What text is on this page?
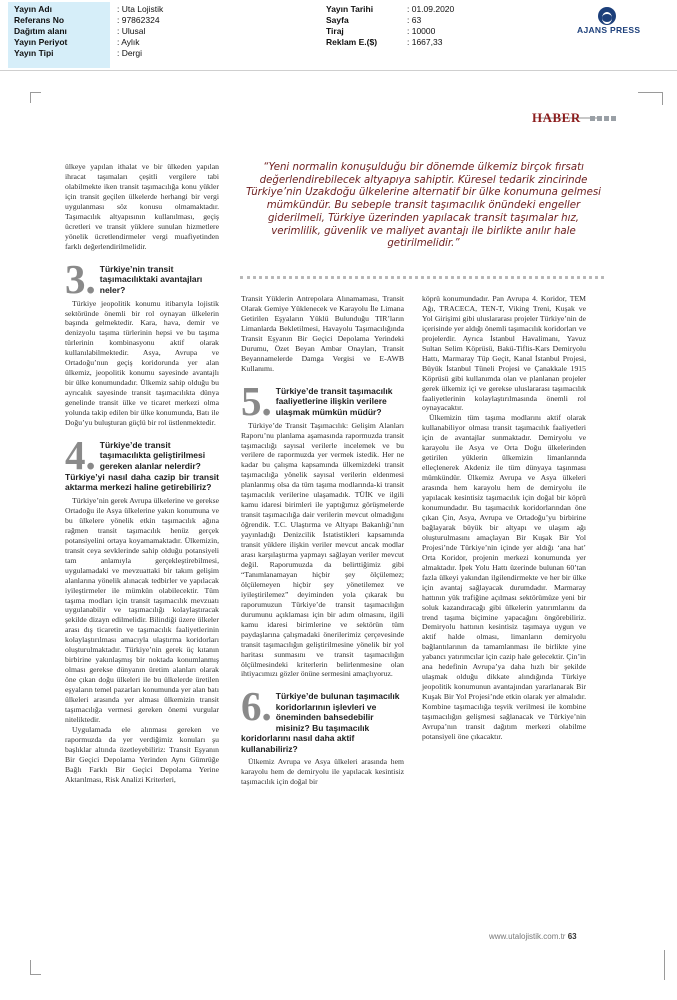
Yayın Adı	: Uta Lojistik
Referans No	: 97862324
Dağıtım alanı	: Ulusal
Yayın Periyot	: Aylık
Yayın Tipi	: Dergi
Yayın Tarihi	: 01.09.2020
Sayfa	: 63
Tiraj	: 10000
Reklam E.($)	: 1667,33
AJANS PRESS
HABER
“Yeni normalin konuşulduğu bir dönemde ülkemiz birçok fırsatı değerlendirebilecek altyapıya sahiptir. Küresel tedarik zincirinde Türkiye’nin Uzakdoğu ülkelerine alternatif bir ülke konumuna gelmesi mümkündür. Bu sebeple transit taşımacılık önündeki engeller giderilmeli, Türkiye üzerinden yapılacak transit taşımalar hız, verimlilik, güvenlik ve maliyet avantajı ile birlikte anılır hale getirilmelidir.”

ülkeye yapılan ithalat ve bir ülkeden yapılan ihracat taşımaları çeşitli vergilere tabi olabilmekte iken transit taşımacılığa konu yükler için transit geçilen ülkelerde herhangi bir vergi uygulanması söz konusu olmamaktadır. Taşımacılık altyapısının kullanılması, geçiş ücretleri ve transit yüklere sunulan hizmetlere yönelik ücretlendirmeler vergi muafiyetinden farklı değerlendirilmelidir.

3. Türkiye’nin transit taşımacılıktaki avantajları neler?

Türkiye jeopolitik konumu itibarıyla lojistik sektöründe önemli bir rol oynayan ülkelerin başında gelmektedir. Kara, hava, demir ve denizyolu taşıma türlerinin hepsi ve bu taşıma türlerinin kombinasyonu aktif olarak kullanılabilmektedir. Asya, Avrupa ve Ortadoğu’nun geçiş koridorunda yer alan ülkemiz, jeopolitik konumu sayesinde avantajlı bir ülke konumundadır. Ülkemiz sahip olduğu bu ayrıcalık sayesinde transit taşımacılıkta dünya genelinde transit ülke ve ticaret merkezi olma yolunda takip edilen bir ülke konumunda, Batı ile Doğu’yu buluşturan güçlü bir rol üstlenmektedir.

4. Türkiye’de transit taşımacılıkta geliştirilmesi gereken alanlar nelerdir?
Türkiye’yi nasıl daha cazip bir transit aktarma merkezi haline getirebiliriz?

Türkiye’nin gerek Avrupa ülkelerine ve gerekse Ortadoğu ile Asya ülkelerine yakın konumuna ve bu ülkelere yönelik etkin taşımacılık ağına rağmen transit taşımacılık henüz gerçek potansiyelini ortaya koyamamaktadır. Ülkemizin, transit ceya sevklerinde sahip olduğu potansiyeli tam anlamıyla gerçekleştirebilmesi, uygulamadaki ve mevzuattaki bir takım gelişim alanlarına yönelik alınacak tedbirler ve yapılacak iyileştirmeler ile mümkün olabilecektir. Tüm taşıma modları için transit taşımacılık mevzuatı uygulanabilir ve taşımacılığı kolaylaştıracak şekilde dizayn edilmelidir. Bilindiği üzere ülkeler arası dış ticaretin ve taşımacılık faaliyetlerinin kolaylaştırılması amacıyla ulaştırma koridorları oluşturulmaktadır. Türkiye’nin gerek üç kıtanın birbirine yakınlaşmış bir noktada konumlanmış olması gerekse dünyanın üretim alanları olarak öne çıkan doğu ülkeleri ile bu ülkelerde üretilen eşyaların temel pazarları konumunda yer alan batı ülkeleri arasında yer alması ülkemizin transit taşımacılığa vermesi gereken önemi vurgular niteliktedir.

Uygulamada ele alınması gereken ve rapormuzda da yer verdiğimiz konuları şu başlıklar altında özetleyebiliriz: Transit Eşyanın Bir Geçici Depolama Yerinden Aynı Gümrüğe Bağlı Farklı Bir Geçici Depolama Yerine Aktarılması, Risk Analizi Kriterleri,

Transit Yüklerin Antrepolara Alınamaması, Transit Olarak Gemiye Yüklenecek ve Karayolu İle Limana Getirilen Eşyaların Yüklü Bulunduğu TIR’ların Limanlarda Bekletilmesi, Havayolu Taşımacılığında Transit Eşyanın Bir Geçici Depolama Yerindeki Durumu, Özet Beyan Ambar Onayları, Transit Beyannamelerde Damga Vergisi ve E-AWB Kullanımı.

5. Türkiye’de transit taşımacılık faaliyetlerine ilişkin verilere ulaşmak mümkün müdür?

Türkiye’de Transit Taşımacılık: Gelişim Alanları Raporu’nu planlama aşamasında rapormuzda transit taşımacılığı sayısal verilerle incelemek ve bu verilere de rapormuzda yer vermek istedik. Her ne kadar bu çalışma kapsamında ülkemizdeki transit taşımacılığa yönelik sayısal verilerin eldenmesi planlanmış olsa da tüm taşıma modlarında-ki transit taşımacılık verilerine ulaşamadık. TÜİK ve ilgili kamu idaresi birimleri ile yaptığımız görüşmelerde transit taşımacılığa dair verilerin mevcut olmadığını öğrendik. T.C. Ulaştırma ve Altyapı Bakanlığı’nın yayınladığı Denizcilik İstatistikleri kapsamında transit yüklere ilişkin veriler mevcut ancak modlar arası karşılaştırma yapmayı sağlayan veriler mevcut değil. Raporumuzda da belirttiğimiz gibi “Tanımlanamayan hiçbir şey ölçülemez; ölçülemeyen hiçbir şey yönetilemez ve iyileştirilemez” deyiminden yola çıkarak bu raporumuzun Türkiye’de transit taşımacılığın durumunu açıklaması için bir adım olmasını, ilgili kamu idaresi birimlerine ve sektörün tüm paydaşlarına çalışmadaki önerilerimiz çerçevesinde transit taşımacılığın geliştirilmesine yönelik bir yol haritası sunmasını ve transit taşımacılığın ölçülmesindeki kriterlerin belirlenmesine olan ihtiyacımızı gözler önüne sermesini amaçlıyoruz.

6. Türkiye’de bulunan taşımacılık koridorlarının işlevleri ve öneminden bahsedebilir misiniz? Bu taşımacılık koridorlarını nasıl daha aktif kullanabiliriz?

Ülkemiz Avrupa ve Asya ülkeleri arasında hem karayolu hem de demiryolu ile yapılacak kesintisiz taşımacılık için doğal bir

köprü konumundadır. Pan Avrupa 4. Koridor, TEM Ağı, TRACECA, TEN-T, Viking Treni, Kuşak ve Yol Girişimi gibi uluslararası projeler Türkiye’nin de içerisinde yer aldığı önemli taşımacılık koridorları ve projelerdir. Ayrıca İstanbul Havalimanı, Yavuz Sultan Selim Köprüsü, Bakü-Tiflis-Kars Demiryolu Hattı, Marmaray Tüp Geçit, Kanal İstanbul Projesi, Büyük İstanbul Tüneli Projesi ve Çanakkale 1915 Köprüsü gibi kullanımda olan ve planlanan projeler gerek ülkemiz içi ve gerekse uluslararası taşımacılık faaliyetlerinin kolaylaştırılmasında önemli rol oynayacaktır.

Ülkemizin tüm taşıma modlarını aktif olarak kullanabiliyor olması transit taşımacılık faaliyetleri için de avantajlar sunmaktadır. Demiryolu ve karayolu ile Asya ve Orta Doğu ülkelerinden getirilen yüklerin ülkemizin limanlarında elleçlenerek Akdeniz ile tüm dünyaya taşınması mümkündür. Ülkemiz Avrupa ve Asya ülkeleri arasında hem karayolu hem de demiryolu ile yapılacak kesintisiz taşımacılık için doğal bir köprü konumundadır. Bu taşımacılık koridorlarından öne çıkan Çin, Asya, Avrupa ve Ortadoğu’yu birbirine bağlayarak büyük bir altyapı ve ulaşım ağı oluşturulmasını amaçlayan Bir Kuşak Bir Yol Projesi’nde Türkiye’nin içinde yer aldığı ‘ana hat’ Orta Koridor, projenin merkezi konumunda yer almaktadır. İpek Yolu Hattı üzerinde bulunan 60’tan fazla ülkeyi yakından ilgilendirmekte ve her bir ülke için avantaj sağlayacak durumdadır. Marmaray hattının yük trafiğine açılması sektörümüze yeni bir soluk kazandıracağı gibi ülkelerin yatırımlarını da trend taşıma biçimine yapacağını öngörebiliriz. Demiryolu hattının kesintisiz taşımaya uygun ve aktif halde olması, limanların demiryolu bağlantılarının da tamamlanması ile birlikte yine yabancı yatırımcılar için cazip hale gelecektir. Çin’in ana hedefinin Avrupa’ya daha hızlı bir şekilde ulaşmak olduğu dikkate alındığında Türkiye jeopolitik konumunun avantajından yararlanarak Bir Kuşak Bir Yol Projesi’nde etkin olarak yer almalıdır. Kombine taşımacılığa teşvik verilmesi ile kombine taşımacılığın gelişmesi sağlanacak ve Türkiye’nin Avrupa’nın transit dağıtım merkezi olabilme potansiyeli öne çıkacaktır.

www.utalojistik.com.tr 63
